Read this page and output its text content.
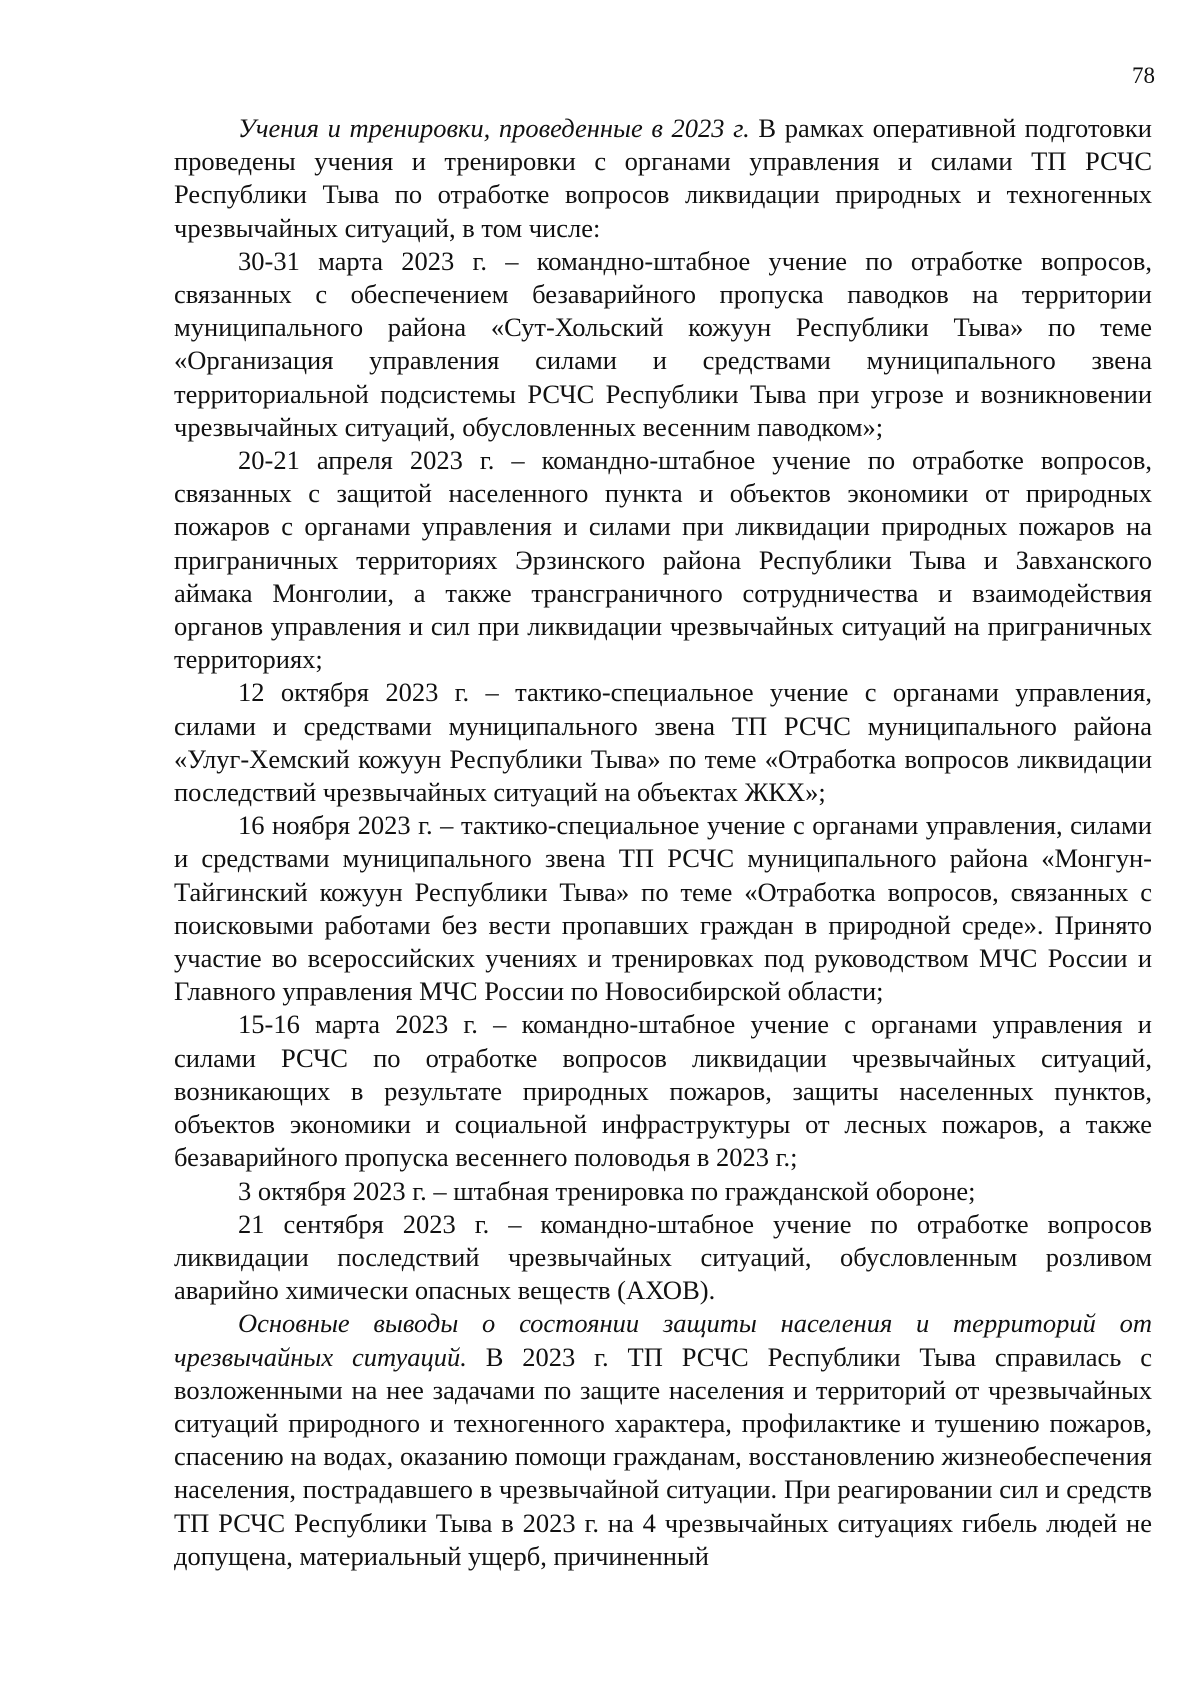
78

Учения и тренировки, проведенные в 2023 г. В рамках оперативной подготовки проведены учения и тренировки с органами управления и силами ТП РСЧС Республики Тыва по отработке вопросов ликвидации природных и техногенных чрезвычайных ситуаций, в том числе:

30-31 марта 2023 г. – командно-штабное учение по отработке вопросов, связанных с обеспечением безаварийного пропуска паводков на территории муниципального района «Сут-Хольский кожуун Республики Тыва» по теме «Организация управления силами и средствами муниципального звена территориальной подсистемы РСЧС Республики Тыва при угрозе и возникновении чрезвычайных ситуаций, обусловленных весенним паводком»;

20-21 апреля 2023 г. – командно-штабное учение по отработке вопросов, связанных с защитой населенного пункта и объектов экономики от природных пожаров с органами управления и силами при ликвидации природных пожаров на приграничных территориях Эрзинского района Республики Тыва и Завханского аймака Монголии, а также трансграничного сотрудничества и взаимодействия органов управления и сил при ликвидации чрезвычайных ситуаций на приграничных территориях;

12 октября 2023 г. – тактико-специальное учение с органами управления, силами и средствами муниципального звена ТП РСЧС муниципального района «Улуг-Хемский кожуун Республики Тыва» по теме «Отработка вопросов ликвидации последствий чрезвычайных ситуаций на объектах ЖКХ»;

16 ноября 2023 г. – тактико-специальное учение с органами управления, силами и средствами муниципального звена ТП РСЧС муниципального района «Монгун-Тайгинский кожуун Республики Тыва» по теме «Отработка вопросов, связанных с поисковыми работами без вести пропавших граждан в природной среде». Принято участие во всероссийских учениях и тренировках под руководством МЧС России и Главного управления МЧС России по Новосибирской области;

15-16 марта 2023 г. – командно-штабное учение с органами управления и силами РСЧС по отработке вопросов ликвидации чрезвычайных ситуаций, возникающих в результате природных пожаров, защиты населенных пунктов, объектов экономики и социальной инфраструктуры от лесных пожаров, а также безаварийного пропуска весеннего половодья в 2023 г.;

3 октября 2023 г. – штабная тренировка по гражданской обороне;

21 сентября 2023 г. – командно-штабное учение по отработке вопросов ликвидации последствий чрезвычайных ситуаций, обусловленным розливом аварийно химически опасных веществ (АХОВ).

Основные выводы о состоянии защиты населения и территорий от чрезвычайных ситуаций. В 2023 г. ТП РСЧС Республики Тыва справилась с возложенными на нее задачами по защите населения и территорий от чрезвычайных ситуаций природного и техногенного характера, профилактике и тушению пожаров, спасению на водах, оказанию помощи гражданам, восстановлению жизнеобеспечения населения, пострадавшего в чрезвычайной ситуации. При реагировании сил и средств ТП РСЧС Республики Тыва в 2023 г. на 4 чрезвычайных ситуациях гибель людей не допущена, материальный ущерб, причиненный
